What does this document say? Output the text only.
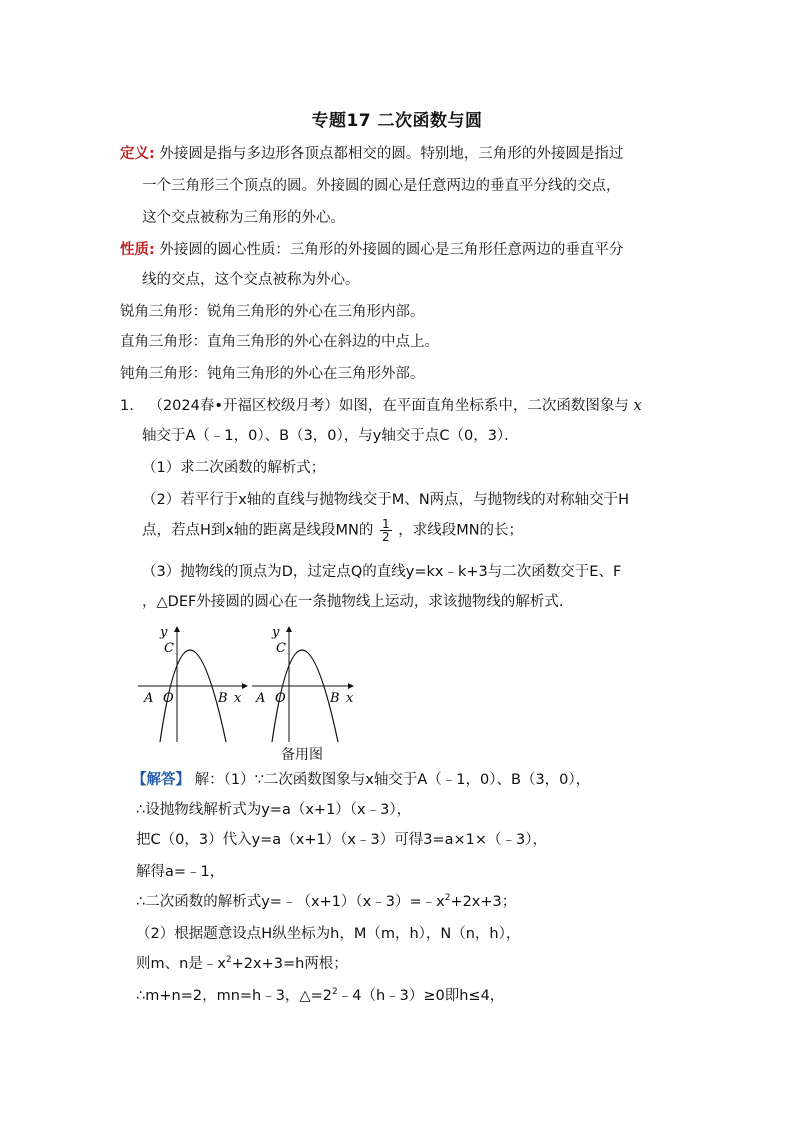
专题17 二次函数与圆
定义: 外接圆是指与多边形各顶点都相交的圆。特别地，三角形的外接圆是指过
一个三角形三个顶点的圆。外接圆的圆心是任意两边的垂直平分线的交点，
这个交点被称为三角形的外心。
性质: 外接圆的圆心性质：三角形的外接圆的圆心是三角形任意两边的垂直平分
线的交点，这个交点被称为外心。
锐角三角形：锐角三角形的外心在三角形内部。
直角三角形：直角三角形的外心在斜边的中点上。
钝角三角形：钝角三角形的外心在三角形外部。
1. （2024春•开福区校级月考）如图，在平面直角坐标系中，二次函数图象与 x
轴交于A（﹣1，0）、B（3，0），与y轴交于点C（0，3）．
（1）求二次函数的解析式；
（2）若平行于x轴的直线与抛物线交于M、N两点，与抛物线的对称轴交于H
点，若点H到x轴的距离是线段MN的 $\frac{1}{2}$ ，求线段MN的长；
（3）抛物线的顶点为D，过定点Q的直线y=kx﹣k+3与二次函数交于E、F
，△DEF外接圆的圆心在一条抛物线上运动，求该抛物线的解析式.
y
C
A O	B x
y
C
A O	B x
备用图
【解答】 解：（1）∵二次函数图象与x轴交于A（﹣1，0）、B（3，0），
∴设抛物线解析式为y=a（x+1）（x﹣3），
把C（0，3）代入y=a（x+1）（x﹣3）可得3=a×1×（﹣3），
解得a=﹣1，
∴二次函数的解析式$y=﹣(x+1)(x﹣3)=﹣x^2+2x+3$；
（2）根据题意设点H纵坐标为h，M（m，h），N（n，h），
则m、n是$﹣x^2+2x+3=h$两根；
∴m+n=2，mn=h﹣3，$\triangle=2^2﹣4(h﹣3)\ge 0$即h≤4，
